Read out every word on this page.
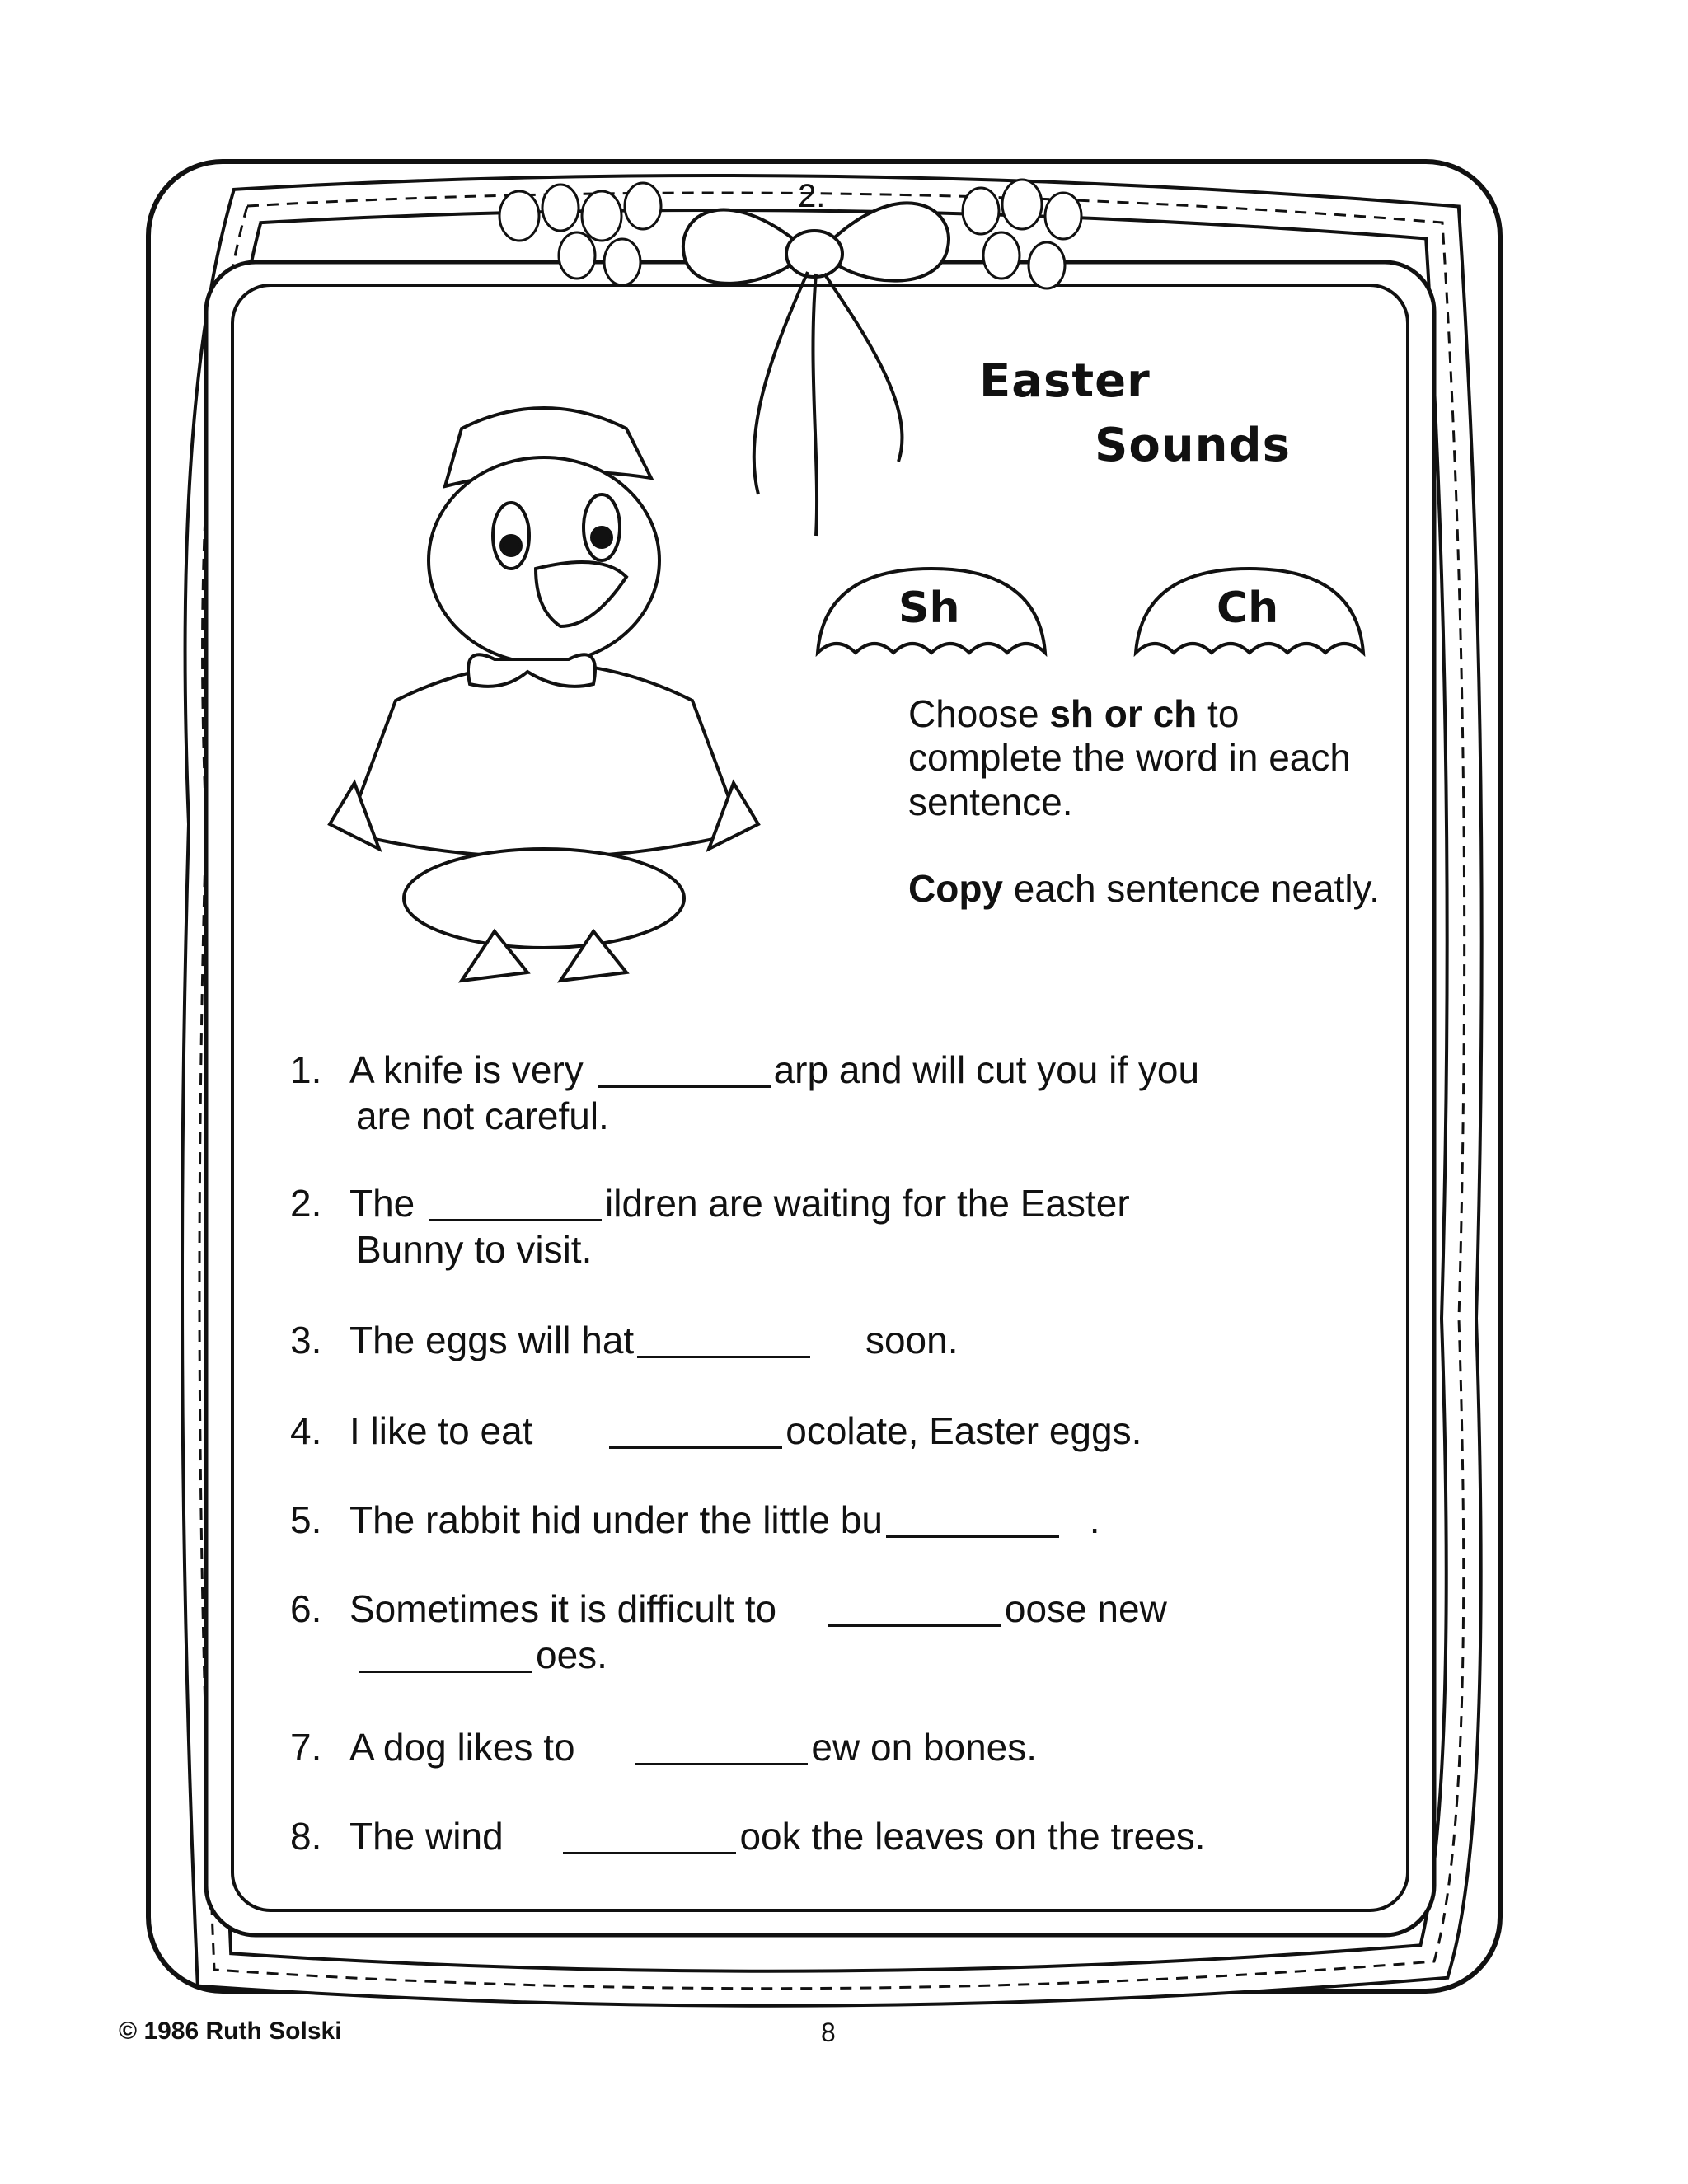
2.
Easter
Sounds
Sh	Ch

Choose sh or ch to complete the word in each sentence.

Copy each sentence neatly.

1. A knife is very	arp and will cut you if you
are not careful.
2. The	ildren are waiting for the Easter
Bunny to visit.
3. The eggs will hat	soon.
4. I like to eat	ocolate, Easter eggs.
5. The rabbit hid under the little bu	.
6. Sometimes it is difficult to	oose new
oes.
7. A dog likes to	ew on bones.
8. The wind	ook the leaves on the trees.
© 1986 Ruth Solski	8
